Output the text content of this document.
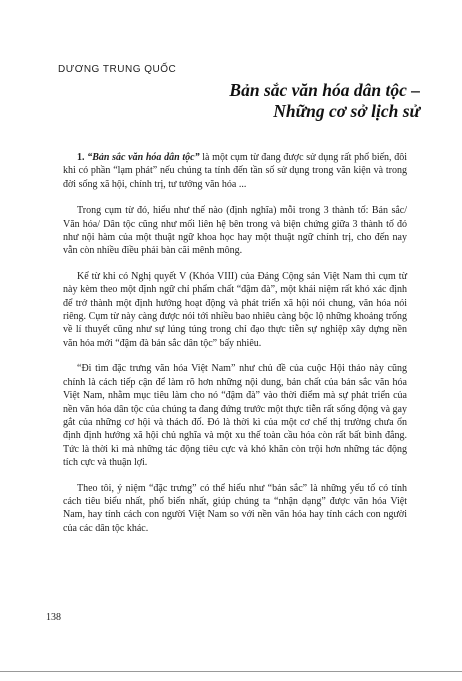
DƯƠNG TRUNG QUỐC
Bản sắc văn hóa dân tộc –
Những cơ sở lịch sử

1. “Bản sắc văn hóa dân tộc” là một cụm từ đang được sử dụng rất phổ biến, đôi khi có phần “lạm phát” nếu chúng ta tính đến tần số sử dụng trong văn kiện và trong đời sống xã hội, chính trị, tư tưởng văn hóa ...

Trong cụm từ đó, hiểu như thế nào (định nghĩa) mỗi trong 3 thành tố: Bản sắc/ Văn hóa/ Dân tộc cũng như mối liên hệ bên trong và biện chứng giữa 3 thành tố đó như nội hàm của một thuật ngữ khoa học hay một thuật ngữ chính trị, cho đến nay vẫn còn nhiều điều phải bàn cãi mênh mông.

Kể từ khi có Nghị quyết V (Khóa VIII) của Đảng Cộng sản Việt Nam thì cụm từ này kèm theo một định ngữ chỉ phẩm chất “đậm đà”, một khái niệm rất khó xác định để trở thành một định hướng hoạt động và phát triển xã hội nói chung, văn hóa nói riêng. Cụm từ này càng được nói tới nhiều bao nhiêu càng bộc lộ những khoảng trống về lí thuyết cũng như sự lúng túng trong chỉ đạo thực tiễn sự nghiệp xây dựng nền văn hóa mới “đậm đà bản sắc dân tộc” bấy nhiêu.

“Đi tìm đặc trưng văn hóa Việt Nam” như chủ đề của cuộc Hội thảo này cũng chính là cách tiếp cận để làm rõ hơn những nội dung, bản chất của bản sắc văn hóa Việt Nam, nhằm mục tiêu làm cho nó “đậm đà” vào thời điểm mà sự phát triển của nền văn hóa dân tộc của chúng ta đang đứng trước một thực tiễn rất sống động và gay gắt của những cơ hội và thách đố. Đó là thời kì của một cơ chế thị trường chưa ổn định định hướng xã hội chủ nghĩa và một xu thế toàn cầu hóa còn rất bất bình đẳng. Tức là thời kì mà những tác động tiêu cực và khó khăn còn trội hơn những tác động tích cực và thuận lợi.

Theo tôi, ý niệm “đặc trưng” có thể hiểu như “bản sắc” là những yếu tố có tính cách tiêu biểu nhất, phổ biến nhất, giúp chúng ta “nhận dạng” được văn hóa Việt Nam, hay tính cách con người Việt Nam so với nền văn hóa hay tính cách con người của các dân tộc khác.

138
